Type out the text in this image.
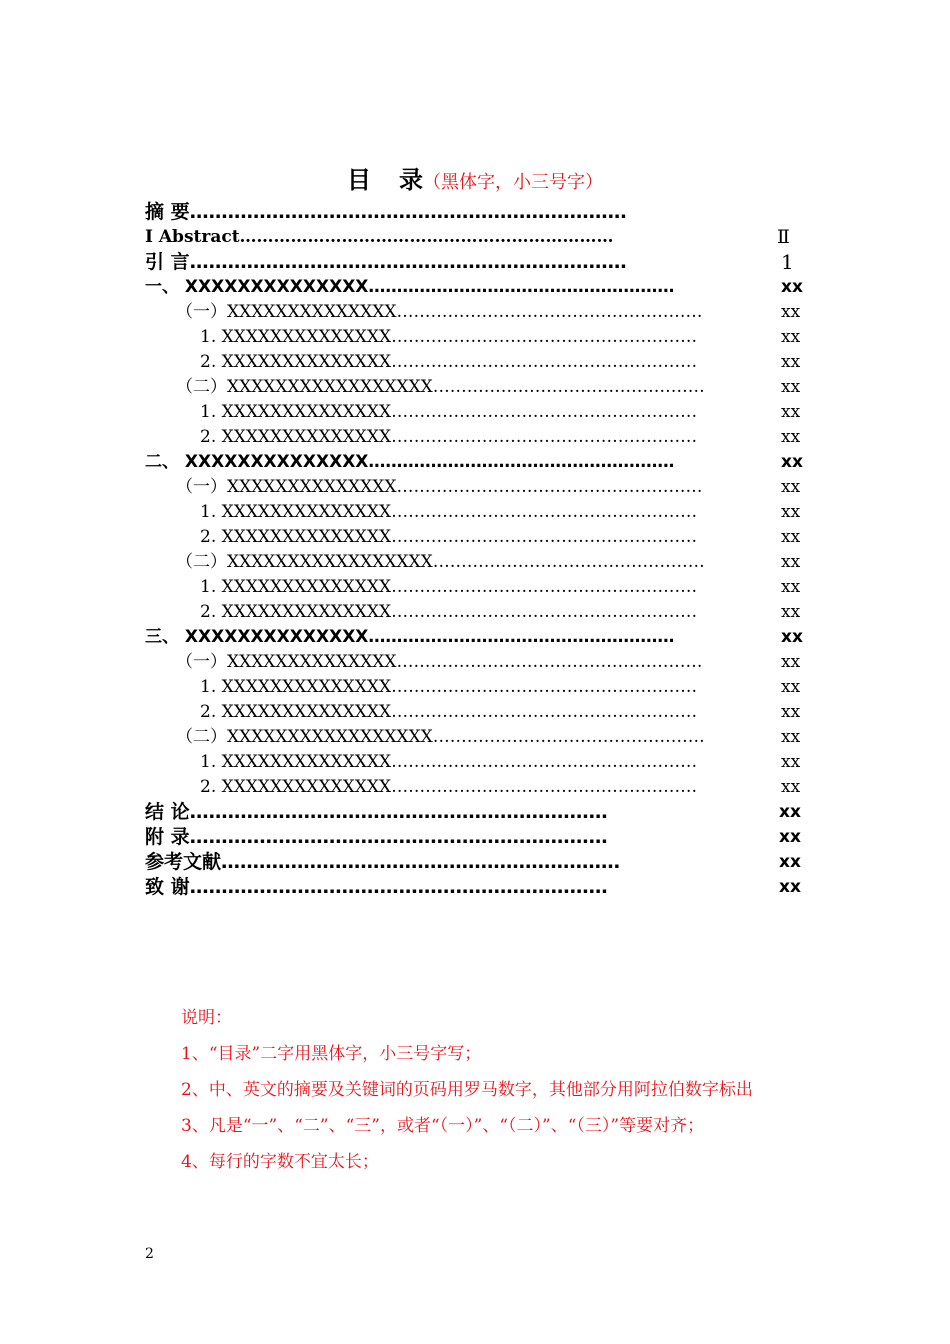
目 录（黑体字，小三号字）
摘 要……………………………………………………………
Ⅰ Abstract…………………………………………………………	Ⅱ
引 言……………………………………………………………	1
一、 XXXXXXXXXXXXXX………………………………………………	xx
（一）XXXXXXXXXXXXXX………………………………………………	xx
1. XXXXXXXXXXXXXX………………………………………………	xx
2. XXXXXXXXXXXXXX………………………………………………	xx
（二）XXXXXXXXXXXXXXXXX…………………………………………	xx
1. XXXXXXXXXXXXXX………………………………………………	xx
2. XXXXXXXXXXXXXX………………………………………………	xx
二、 XXXXXXXXXXXXXX………………………………………………	xx
（一）XXXXXXXXXXXXXX………………………………………………	xx
1. XXXXXXXXXXXXXX………………………………………………	xx
2. XXXXXXXXXXXXXX………………………………………………	xx
（二）XXXXXXXXXXXXXXXXX…………………………………………	xx
1. XXXXXXXXXXXXXX………………………………………………	xx
2. XXXXXXXXXXXXXX………………………………………………	xx
三、 XXXXXXXXXXXXXX………………………………………………	xx
（一）XXXXXXXXXXXXXX………………………………………………	xx
1. XXXXXXXXXXXXXX………………………………………………	xx
2. XXXXXXXXXXXXXX………………………………………………	xx
（二）XXXXXXXXXXXXXXXXX…………………………………………	xx
1. XXXXXXXXXXXXXX………………………………………………	xx
2. XXXXXXXXXXXXXX………………………………………………	xx
结 论…………………………………………………………	xx
附 录…………………………………………………………	xx
参考文献………………………………………………………	xx
致 谢…………………………………………………………	xx

说明：

1、“目录”二字用黑体字，小三号字写；

2、中、英文的摘要及关键词的页码用罗马数字，其他部分用阿拉伯数字标出

3、凡是“一”、“二”、“三”，或者“（一）”、“（二）”、“（三）”等要对齐；

4、每行的字数不宜太长；

2
